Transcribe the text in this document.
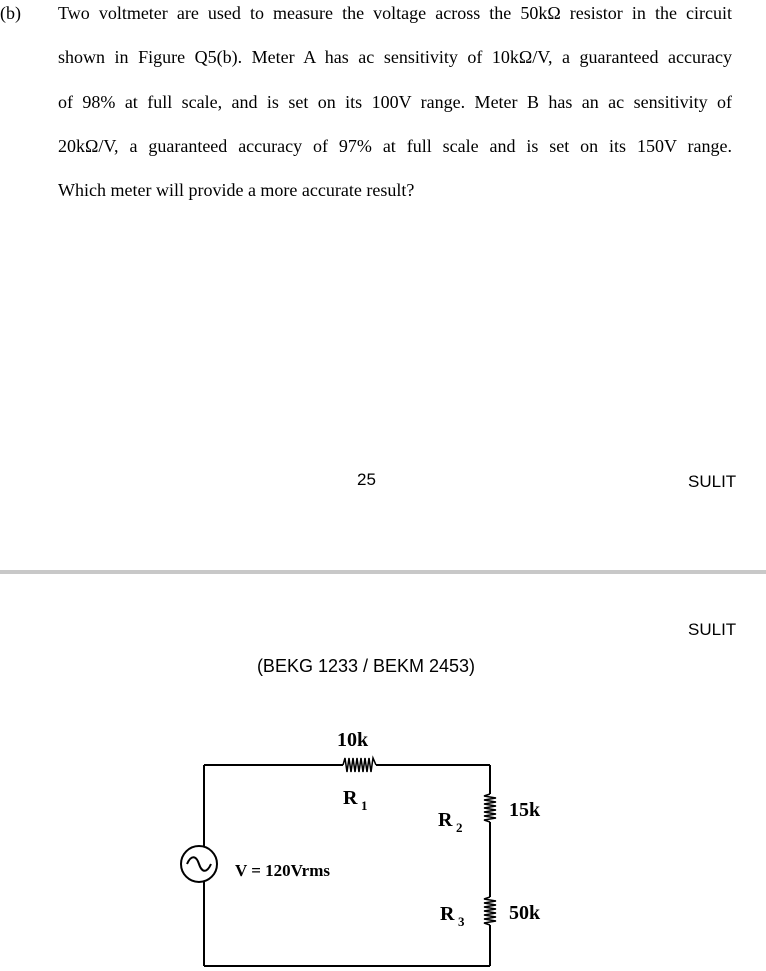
(b) Two voltmeter are used to measure the voltage across the 50kΩ resistor in the circuit
shown in Figure Q5(b). Meter A has ac sensitivity of 10kΩ/V, a guaranteed accuracy
of 98% at full scale, and is set on its 100V range. Meter B has an ac sensitivity of
20kΩ/V, a guaranteed accuracy of 97% at full scale and is set on its 150V range.
Which meter will provide a more accurate result?
25	SULIT
SULIT
(BEKG 1233 / BEKM 2453)
10k
R 1
R 2
15k
R 3 50k
V = 120Vrms
